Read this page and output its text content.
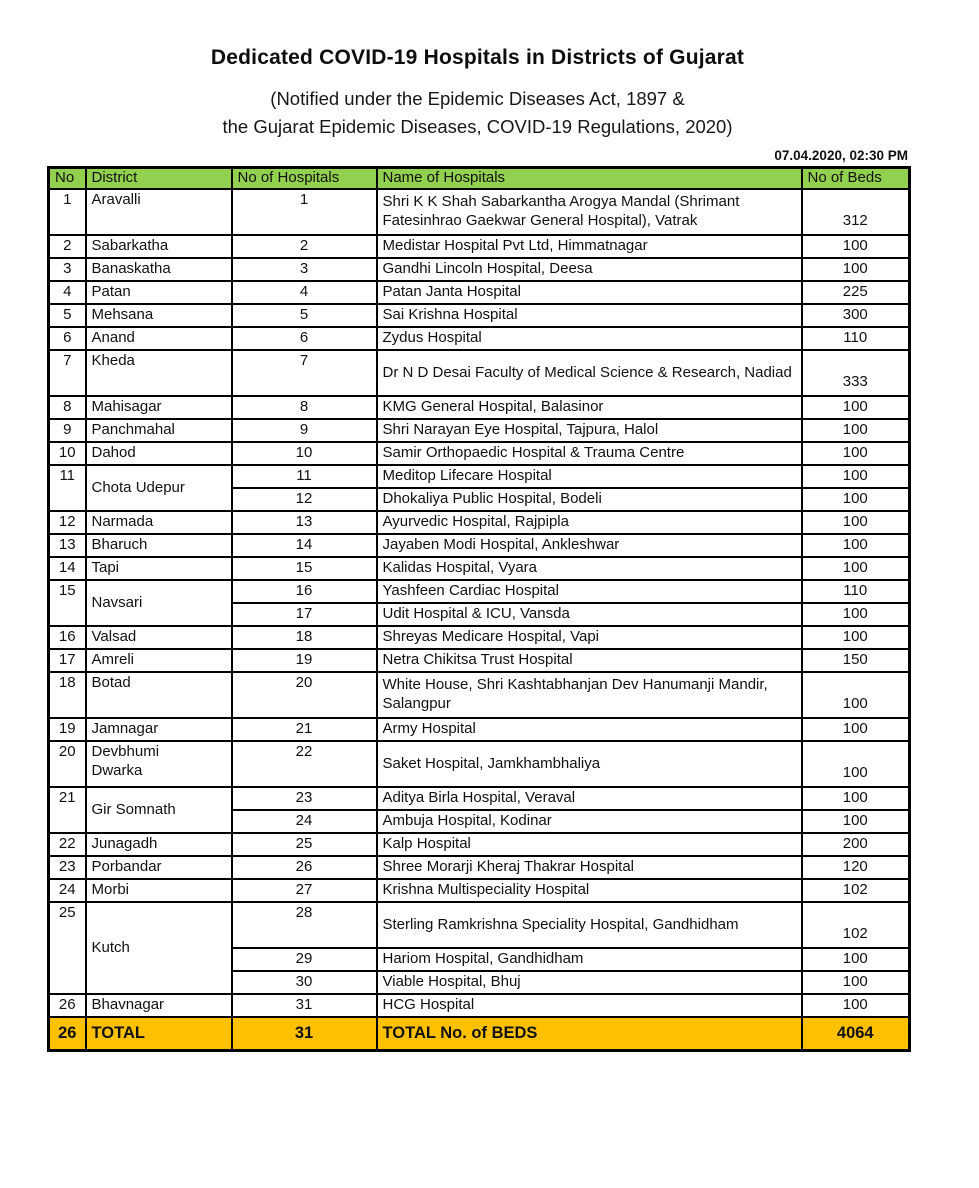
Dedicated COVID-19 Hospitals in Districts of Gujarat
(Notified under the Epidemic Diseases Act, 1897 &
the Gujarat Epidemic Diseases, COVID-19 Regulations, 2020)
07.04.2020, 02:30 PM
No	District	No of Hospitals	Name of Hospitals	No of Beds
1	Aravalli	1	Shri K K Shah Sabarkantha Arogya Mandal (Shrimant Fatesinhrao Gaekwar General Hospital), Vatrak	312
2	Sabarkatha	2	Medistar Hospital Pvt Ltd, Himmatnagar	100
3	Banaskatha	3	Gandhi Lincoln Hospital, Deesa	100
4	Patan	4	Patan Janta Hospital	225
5	Mehsana	5	Sai Krishna Hospital	300
6	Anand	6	Zydus Hospital	110
7	Kheda	7	Dr N D Desai Faculty of Medical Science & Research, Nadiad	333
8	Mahisagar	8	KMG General Hospital, Balasinor	100
9	Panchmahal	9	Shri Narayan Eye Hospital, Tajpura, Halol	100
10	Dahod	10	Samir Orthopaedic Hospital & Trauma Centre	100
11	Chota Udepur	11	Meditop Lifecare Hospital	100
		12	Dhokaliya Public Hospital, Bodeli	100
12	Narmada	13	Ayurvedic Hospital, Rajpipla	100
13	Bharuch	14	Jayaben Modi Hospital, Ankleshwar	100
14	Tapi	15	Kalidas Hospital, Vyara	100
15	Navsari	16	Yashfeen Cardiac Hospital	110
		17	Udit Hospital & ICU, Vansda	100
16	Valsad	18	Shreyas Medicare Hospital, Vapi	100
17	Amreli	19	Netra Chikitsa Trust Hospital	150
18	Botad	20	White House, Shri Kashtabhanjan Dev Hanumanji Mandir, Salangpur	100
19	Jamnagar	21	Army Hospital	100
20	Devbhumi Dwarka	22	Saket Hospital, Jamkhambhaliya	100
21	Gir Somnath	23	Aditya Birla Hospital, Veraval	100
		24	Ambuja Hospital, Kodinar	100
22	Junagadh	25	Kalp Hospital	200
23	Porbandar	26	Shree Morarji Kheraj Thakrar Hospital	120
24	Morbi	27	Krishna Multispeciality Hospital	102
25	Kutch	28	Sterling Ramkrishna Speciality Hospital, Gandhidham	102
		29	Hariom Hospital, Gandhidham	100
		30	Viable Hospital, Bhuj	100
26	Bhavnagar	31	HCG Hospital	100
26	TOTAL	31	TOTAL No. of BEDS	4064
